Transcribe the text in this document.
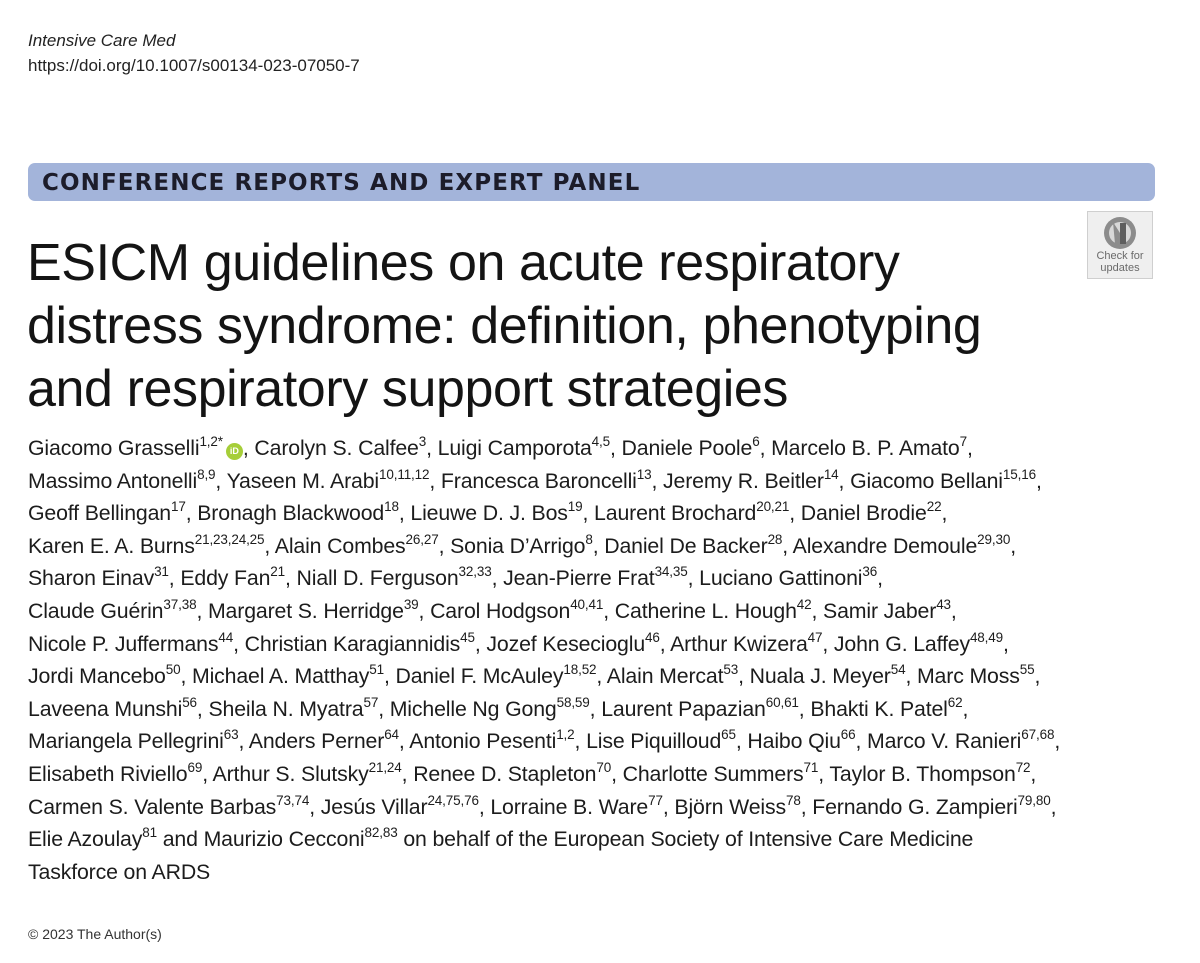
Intensive Care Med
https://doi.org/10.1007/s00134-023-07050-7
CONFERENCE REPORTS AND EXPERT PANEL
Check for
updates
ESICM guidelines on acute respiratory
distress syndrome: definition, phenotyping
and respiratory support strategies
Giacomo Grasselli$^{1,2*}$iD , Carolyn S. Calfee$^3$, Luigi Camporota$^{4,5}$, Daniele Poole$^6$, Marcelo B. P. Amato$^7$,
Massimo Antonelli$^{8,9}$, Yaseen M. Arabi$^{10,11,12}$, Francesca Baroncelli$^{13}$, Jeremy R. Beitler$^{14}$, Giacomo Bellani$^{15,16}$,
Geoff Bellingan$^{17}$, Bronagh Blackwood$^{18}$, Lieuwe D. J. Bos$^{19}$, Laurent Brochard$^{20,21}$, Daniel Brodie$^{22}$,
Karen E. A. Burns$^{21,23,24,25}$, Alain Combes$^{26,27}$, Sonia D’Arrigo$^8$, Daniel De Backer$^{28}$, Alexandre Demoule$^{29,30}$,
Sharon Einav$^{31}$, Eddy Fan$^{21}$, Niall D. Ferguson$^{32,33}$, Jean-Pierre Frat$^{34,35}$, Luciano Gattinoni$^{36}$,
Claude Guérin$^{37,38}$, Margaret S. Herridge$^{39}$, Carol Hodgson$^{40,41}$, Catherine L. Hough$^{42}$, Samir Jaber$^{43}$,
Nicole P. Juffermans$^{44}$, Christian Karagiannidis$^{45}$, Jozef Kesecioglu$^{46}$, Arthur Kwizera$^{47}$, John G. Laffey$^{48,49}$,
Jordi Mancebo$^{50}$, Michael A. Matthay$^{51}$, Daniel F. McAuley$^{18,52}$, Alain Mercat$^{53}$, Nuala J. Meyer$^{54}$, Marc Moss$^{55}$,
Laveena Munshi$^{56}$, Sheila N. Myatra$^{57}$, Michelle Ng Gong$^{58,59}$, Laurent Papazian$^{60,61}$, Bhakti K. Patel$^{62}$,
Mariangela Pellegrini$^{63}$, Anders Perner$^{64}$, Antonio Pesenti$^{1,2}$, Lise Piquilloud$^{65}$, Haibo Qiu$^{66}$, Marco V. Ranieri$^{67,68}$,
Elisabeth Riviello$^{69}$, Arthur S. Slutsky$^{21,24}$, Renee D. Stapleton$^{70}$, Charlotte Summers$^{71}$, Taylor B. Thompson$^{72}$,
Carmen S. Valente Barbas$^{73,74}$, Jesús Villar$^{24,75,76}$, Lorraine B. Ware$^{77}$, Björn Weiss$^{78}$, Fernando G. Zampieri$^{79,80}$,
Elie Azoulay$^{81}$ and Maurizio Cecconi$^{82,83}$ on behalf of the European Society of Intensive Care Medicine
Taskforce on ARDS
© 2023 The Author(s)
